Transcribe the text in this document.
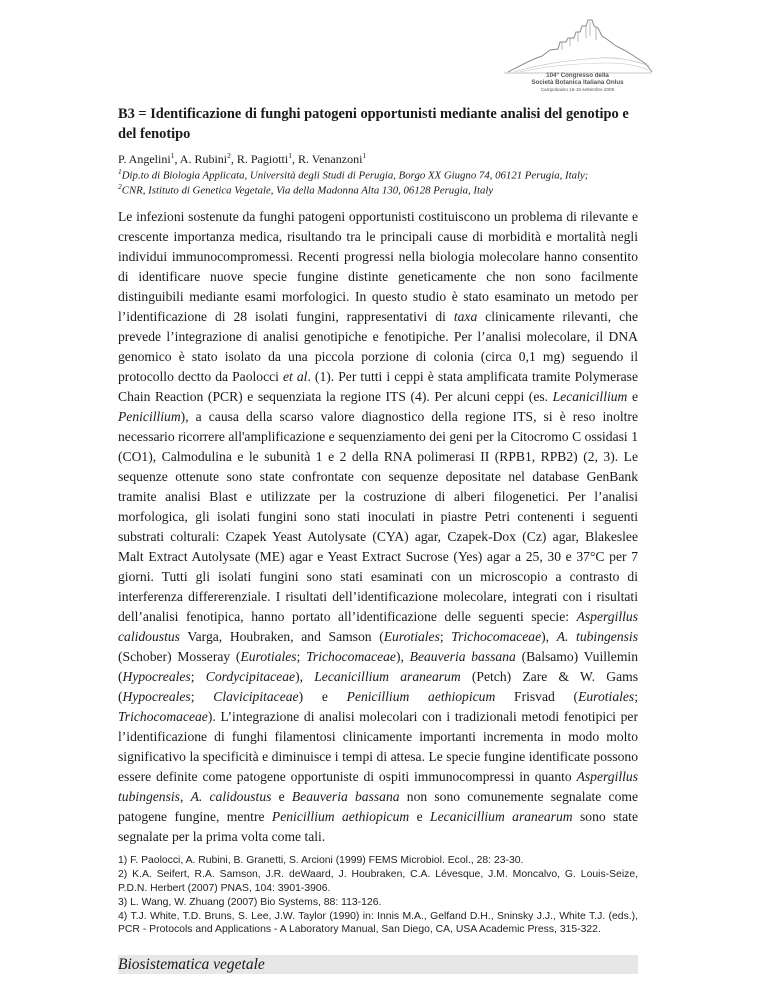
104° Congresso della
Società Botanica Italiana Onlus
Campobasso 16-19 settembre 2009
B3 = Identificazione di funghi patogeni opportunisti mediante analisi del genotipo e del fenotipo

P. Angelini$^1$, A. Rubini$^2$, R. Pagiotti$^1$, R. Venanzoni$^1$

$^1$Dip.to di Biologia Applicata, Università degli Studi di Perugia, Borgo XX Giugno 74, 06121 Perugia, Italy;

$^2$CNR, Istituto di Genetica Vegetale, Via della Madonna Alta 130, 06128 Perugia, Italy

Le infezioni sostenute da funghi patogeni opportunisti costituiscono un problema di rilevante e crescente importanza medica, risultando tra le principali cause di morbidità e mortalità negli individui immunocompromessi. Recenti progressi nella biologia molecolare hanno consentito di identificare nuove specie fungine distinte geneticamente che non sono facilmente distinguibili mediante esami morfologici. In questo studio è stato esaminato un metodo per l’identificazione di 28 isolati fungini, rappresentativi di taxa clinicamente rilevanti, che prevede l’integrazione di analisi genotipiche e fenotipiche. Per l’analisi molecolare, il DNA genomico è stato isolato da una piccola porzione di colonia (circa 0,1 mg) seguendo il protocollo dectto da Paolocci et al. (1). Per tutti i ceppi è stata amplificata tramite Polymerase Chain Reaction (PCR) e sequenziata la regione ITS (4). Per alcuni ceppi (es. Lecanicillium e Penicillium), a causa della scarso valore diagnostico della regione ITS, si è reso inoltre necessario ricorrere all'amplificazione e sequenziamento dei geni per la Citocromo C ossidasi 1 (CO1), Calmodulina e le subunità 1 e 2 della RNA polimerasi II (RPB1, RPB2) (2, 3). Le sequenze ottenute sono state confrontate con sequenze depositate nel database GenBank tramite analisi Blast e utilizzate per la costruzione di alberi filogenetici. Per l’analisi morfologica, gli isolati fungini sono stati inoculati in piastre Petri contenenti i seguenti substrati colturali: Czapek Yeast Autolysate (CYA) agar, Czapek-Dox (Cz) agar, Blakeslee Malt Extract Autolysate (ME) agar e Yeast Extract Sucrose (Yes) agar a 25, 30 e 37°C per 7 giorni. Tutti gli isolati fungini sono stati esaminati con un microscopio a contrasto di interferenza differerenziale. I risultati dell’identificazione molecolare, integrati con i risultati dell’analisi fenotipica, hanno portato all’identificazione delle seguenti specie: Aspergillus calidoustus Varga, Houbraken, and Samson (Eurotiales; Trichocomaceae), A. tubingensis (Schober) Mosseray (Eurotiales; Trichocomaceae), Beauveria bassana (Balsamo) Vuillemin (Hypocreales; Cordycipitaceae), Lecanicillium aranearum (Petch) Zare & W. Gams (Hypocreales; Clavicipitaceae) e Penicillium aethiopicum Frisvad (Eurotiales; Trichocomaceae). L’integrazione di analisi molecolari con i tradizionali metodi fenotipici per l’identificazione di funghi filamentosi clinicamente importanti incrementa in modo molto significativo la specificità e diminuisce i tempi di attesa. Le specie fungine identificate possono essere definite come patogene opportuniste di ospiti immunocompressi in quanto Aspergillus tubingensis, A. calidoustus e Beauveria bassana non sono comunemente segnalate come patogene fungine, mentre Penicillium aethiopicum e Lecanicillium aranearum sono state segnalate per la prima volta come tali.

1) F. Paolocci, A. Rubini, B. Granetti, S. Arcioni (1999) FEMS Microbiol. Ecol., 28: 23-30.
2) K.A. Seifert, R.A. Samson, J.R. deWaard, J. Houbraken, C.A. Lévesque, J.M. Moncalvo, G. Louis-Seize, P.D.N. Herbert (2007) PNAS, 104: 3901-3906.
3) L. Wang, W. Zhuang (2007) Bio Systems, 88: 113-126.
4) T.J. White, T.D. Bruns, S. Lee, J.W. Taylor (1990) in: Innis M.A., Gelfand D.H., Sninsky J.J., White T.J. (eds.), PCR - Protocols and Applications - A Laboratory Manual, San Diego, CA, USA Academic Press, 315-322.
Biosistematica vegetale
